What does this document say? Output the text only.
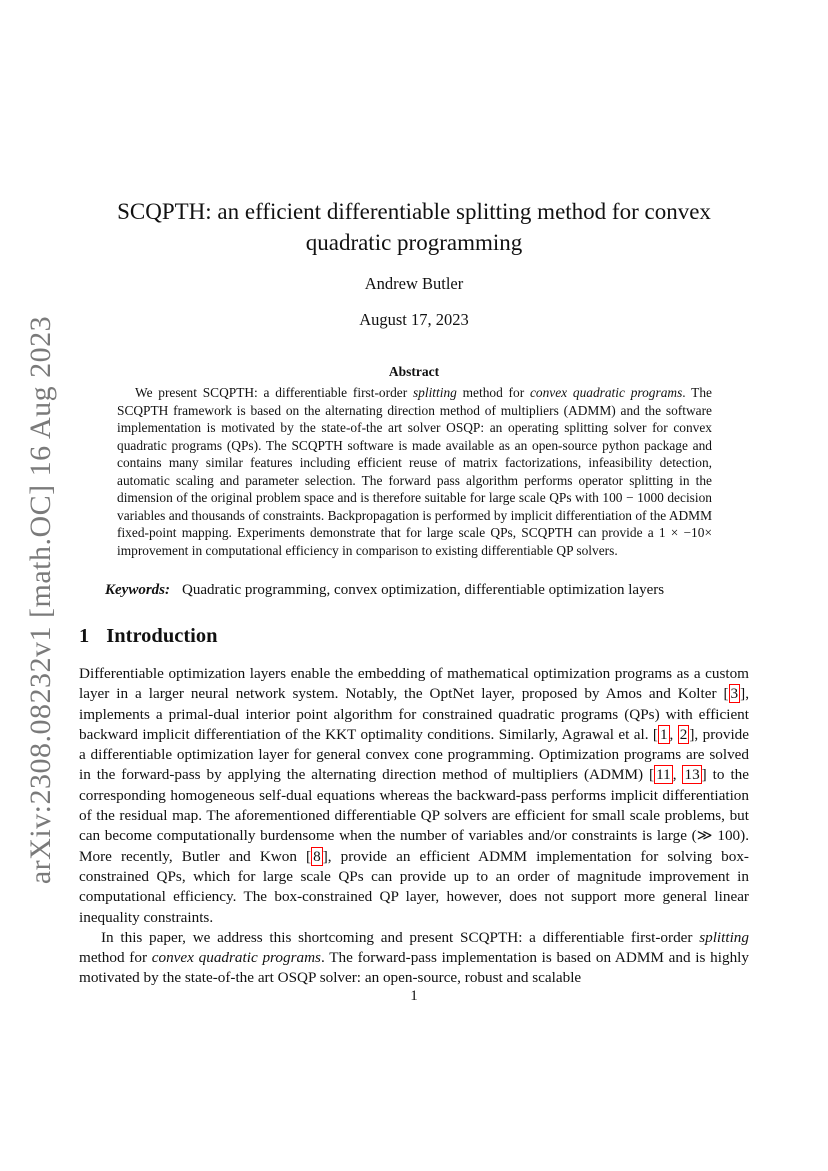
arXiv:2308.08232v1 [math.OC] 16 Aug 2023
SCQPTH: an efficient differentiable splitting method for convex
quadratic programming
Andrew Butler
August 17, 2023
Abstract

We present SCQPTH: a differentiable first-order splitting method for convex quadratic programs. The SCQPTH framework is based on the alternating direction method of multipliers (ADMM) and the software implementation is motivated by the state-of-the art solver OSQP: an operating splitting solver for convex quadratic programs (QPs). The SCQPTH software is made available as an open-source python package and contains many similar features including efficient reuse of matrix factorizations, infeasibility detection, automatic scaling and parameter selection. The forward pass algorithm performs operator splitting in the dimension of the original problem space and is therefore suitable for large scale QPs with 100 − 1000 decision variables and thousands of constraints. Backpropagation is performed by implicit differentiation of the ADMM fixed-point mapping. Experiments demonstrate that for large scale QPs, SCQPTH can provide a 1 × −10× improvement in computational efficiency in comparison to existing differentiable QP solvers.

Keywords: Quadratic programming, convex optimization, differentiable optimization layers
1 Introduction

Differentiable optimization layers enable the embedding of mathematical optimization programs as a custom layer in a larger neural network system. Notably, the OptNet layer, proposed by Amos and Kolter [ 3 ], implements a primal-dual interior point algorithm for constrained quadratic programs (QPs) with efficient backward implicit differentiation of the KKT optimality conditions. Similarly, Agrawal et al. [ 1 , 2 ], provide a differentiable optimization layer for general convex cone programming. Optimization programs are solved in the forward-pass by applying the alternating direction method of multipliers (ADMM) [ 11 , 13 ] to the corresponding homogeneous self-dual equations whereas the backward-pass performs implicit differentiation of the residual map. The aforementioned differentiable QP solvers are efficient for small scale problems, but can become computationally burdensome when the number of variables and/or constraints is large (≫ 100). More recently, Butler and Kwon [ 8 ], provide an efficient ADMM implementation for solving box-constrained QPs, which for large scale QPs can provide up to an order of magnitude improvement in computational efficiency. The box-constrained QP layer, however, does not support more general linear inequality constraints.

In this paper, we address this shortcoming and present SCQPTH: a differentiable first-order splitting method for convex quadratic programs. The forward-pass implementation is based on ADMM and is highly motivated by the state-of-the art OSQP solver: an open-source, robust and scalable

1
